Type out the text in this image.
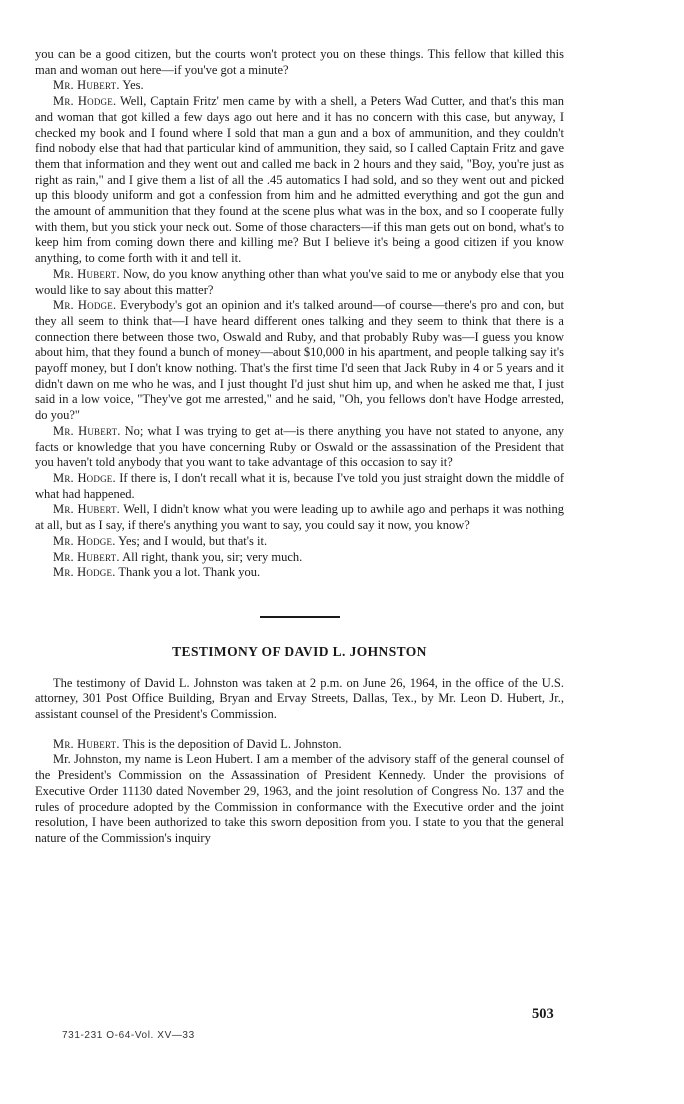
you can be a good citizen, but the courts won't protect you on these things. This fellow that killed this man and woman out here—if you've got a minute?

Mr. Hubert. Yes.

Mr. Hodge. Well, Captain Fritz' men came by with a shell, a Peters Wad Cutter, and that's this man and woman that got killed a few days ago out here and it has no concern with this case, but anyway, I checked my book and I found where I sold that man a gun and a box of ammunition, and they couldn't find nobody else that had that particular kind of ammunition, they said, so I called Captain Fritz and gave them that information and they went out and called me back in 2 hours and they said, "Boy, you're just as right as rain," and I give them a list of all the .45 automatics I had sold, and so they went out and picked up this bloody uniform and got a confession from him and he admitted everything and got the gun and the amount of ammunition that they found at the scene plus what was in the box, and so I cooperate fully with them, but you stick your neck out. Some of those characters—if this man gets out on bond, what's to keep him from coming down there and killing me? But I believe it's being a good citizen if you know anything, to come forth with it and tell it.

Mr. Hubert. Now, do you know anything other than what you've said to me or anybody else that you would like to say about this matter?

Mr. Hodge. Everybody's got an opinion and it's talked around—of course—there's pro and con, but they all seem to think that—I have heard different ones talking and they seem to think that there is a connection there between those two, Oswald and Ruby, and that probably Ruby was—I guess you know about him, that they found a bunch of money—about $10,000 in his apartment, and people talking say it's payoff money, but I don't know nothing. That's the first time I'd seen that Jack Ruby in 4 or 5 years and it didn't dawn on me who he was, and I just thought I'd just shut him up, and when he asked me that, I just said in a low voice, "They've got me arrested," and he said, "Oh, you fellows don't have Hodge arrested, do you?"

Mr. Hubert. No; what I was trying to get at—is there anything you have not stated to anyone, any facts or knowledge that you have concerning Ruby or Oswald or the assassination of the President that you haven't told anybody that you want to take advantage of this occasion to say it?

Mr. Hodge. If there is, I don't recall what it is, because I've told you just straight down the middle of what had happened.

Mr. Hubert. Well, I didn't know what you were leading up to awhile ago and perhaps it was nothing at all, but as I say, if there's anything you want to say, you could say it now, you know?

Mr. Hodge. Yes; and I would, but that's it.

Mr. Hubert. All right, thank you, sir; very much.

Mr. Hodge. Thank you a lot. Thank you.

TESTIMONY OF DAVID L. JOHNSTON

The testimony of David L. Johnston was taken at 2 p.m. on June 26, 1964, in the office of the U.S. attorney, 301 Post Office Building, Bryan and Ervay Streets, Dallas, Tex., by Mr. Leon D. Hubert, Jr., assistant counsel of the President's Commission.

Mr. Hubert. This is the deposition of David L. Johnston.

Mr. Johnston, my name is Leon Hubert. I am a member of the advisory staff of the general counsel of the President's Commission on the Assassination of President Kennedy. Under the provisions of Executive Order 11130 dated November 29, 1963, and the joint resolution of Congress No. 137 and the rules of procedure adopted by the Commission in conformance with the Executive order and the joint resolution, I have been authorized to take this sworn deposition from you. I state to you that the general nature of the Commission's inquiry

503
731-231 O-64-Vol. XV—33
